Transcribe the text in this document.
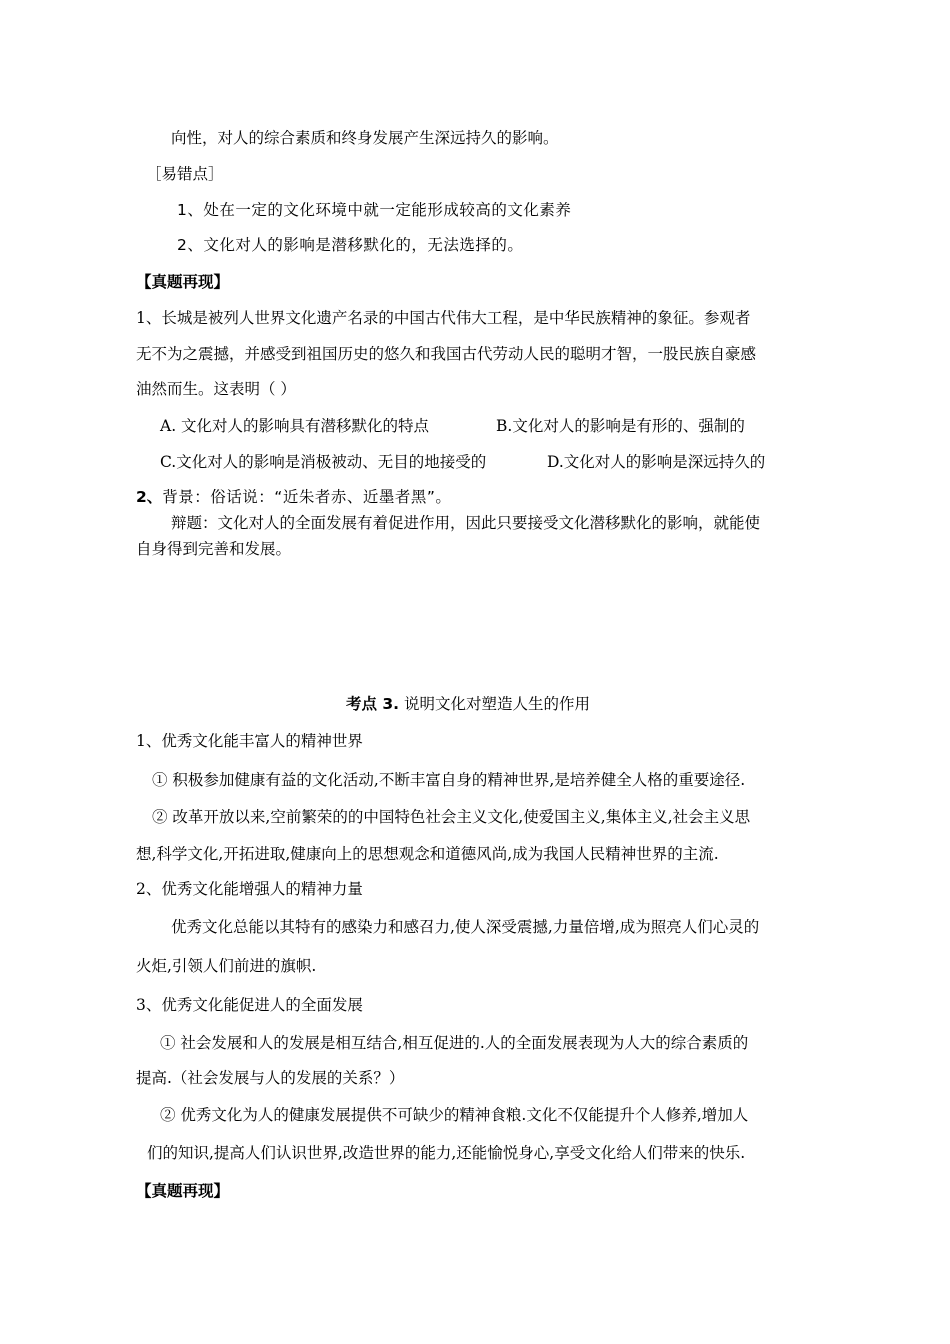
向性，对人的综合素质和终身发展产生深远持久的影响。
［易错点］
1、处在一定的文化环境中就一定能形成较高的文化素养
2、文化对人的影响是潜移默化的，无法选择的。
【真题再现】
1、长城是被列人世界文化遗产名录的中国古代伟大工程，是中华民族精神的象征。参观者
无不为之震撼，并感受到祖国历史的悠久和我国古代劳动人民的聪明才智，一股民族自豪感
油然而生。这表明（ ）
A. 文化对人的影响具有潜移默化的特点	B.文化对人的影响是有形的、强制的
C.文化对人的影响是消极被动、无目的地接受的	D.文化对人的影响是深远持久的
2、背景：俗话说：“近朱者赤、近墨者黑”。
辩题：文化对人的全面发展有着促进作用，因此只要接受文化潜移默化的影响，就能使
自身得到完善和发展。
考点 3. 说明文化对塑造人生的作用
1、优秀文化能丰富人的精神世界
① 积极参加健康有益的文化活动,不断丰富自身的精神世界,是培养健全人格的重要途径.
② 改革开放以来,空前繁荣的的中国特色社会主义文化,使爱国主义,集体主义,社会主义思
想,科学文化,开拓进取,健康向上的思想观念和道德风尚,成为我国人民精神世界的主流.
2、优秀文化能增强人的精神力量
优秀文化总能以其特有的感染力和感召力,使人深受震撼,力量倍增,成为照亮人们心灵的
火炬,引领人们前进的旗帜.
3、优秀文化能促进人的全面发展
① 社会发展和人的发展是相互结合,相互促进的.人的全面发展表现为人大的综合素质的
提高.（社会发展与人的发展的关系？）
② 优秀文化为人的健康发展提供不可缺少的精神食粮.文化不仅能提升个人修养,增加人
们的知识,提高人们认识世界,改造世界的能力,还能愉悦身心,享受文化给人们带来的快乐.
【真题再现】
